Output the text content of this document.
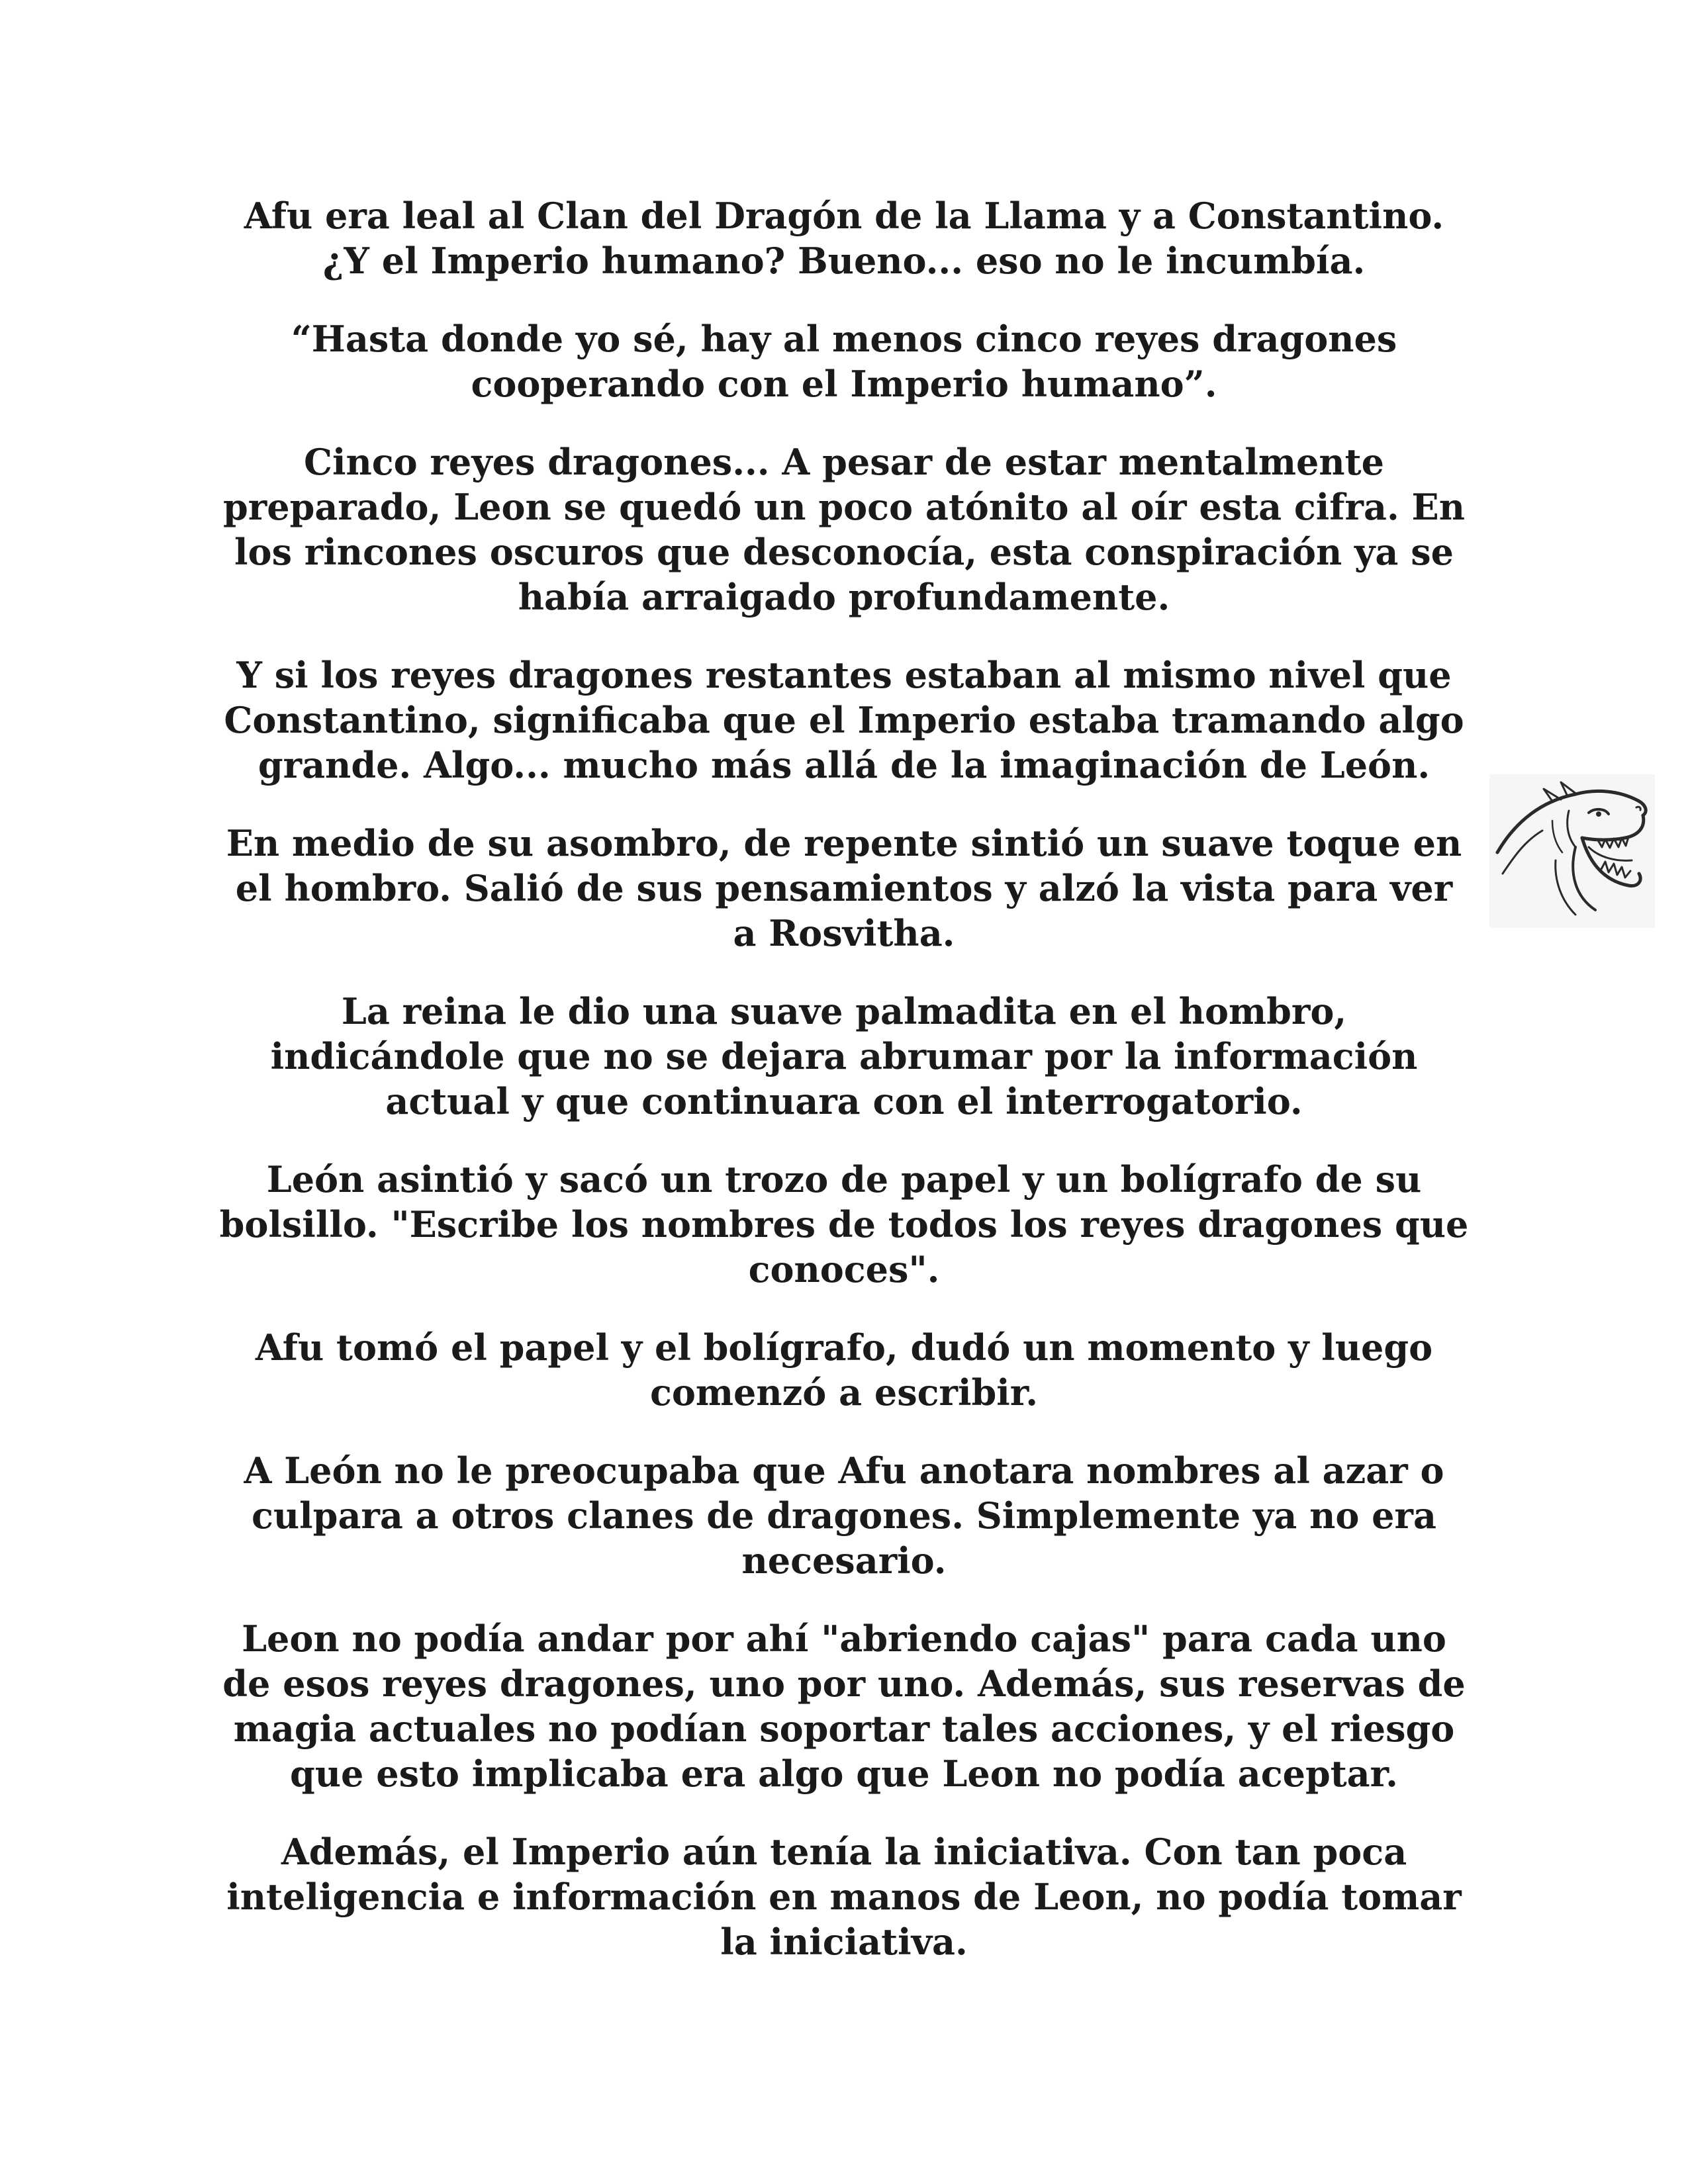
Afu era leal al Clan del Dragón de la Llama y a Constantino. ¿Y el Imperio humano? Bueno... eso no le incumbía.

“Hasta donde yo sé, hay al menos cinco reyes dragones cooperando con el Imperio humano”.

Cinco reyes dragones... A pesar de estar mentalmente preparado, Leon se quedó un poco atónito al oír esta cifra. En los rincones oscuros que desconocía, esta conspiración ya se había arraigado profundamente.

Y si los reyes dragones restantes estaban al mismo nivel que Constantino, significaba que el Imperio estaba tramando algo grande. Algo... mucho más allá de la imaginación de León.

En medio de su asombro, de repente sintió un suave toque en el hombro. Salió de sus pensamientos y alzó la vista para ver a Rosvitha.

La reina le dio una suave palmadita en el hombro, indicándole que no se dejara abrumar por la información actual y que continuara con el interrogatorio.

León asintió y sacó un trozo de papel y un bolígrafo de su bolsillo. "Escribe los nombres de todos los reyes dragones que conoces".

Afu tomó el papel y el bolígrafo, dudó un momento y luego comenzó a escribir.

A León no le preocupaba que Afu anotara nombres al azar o culpara a otros clanes de dragones. Simplemente ya no era necesario.

Leon no podía andar por ahí "abriendo cajas" para cada uno de esos reyes dragones, uno por uno. Además, sus reservas de magia actuales no podían soportar tales acciones, y el riesgo que esto implicaba era algo que Leon no podía aceptar.

Además, el Imperio aún tenía la iniciativa. Con tan poca inteligencia e información en manos de Leon, no podía tomar la iniciativa.
